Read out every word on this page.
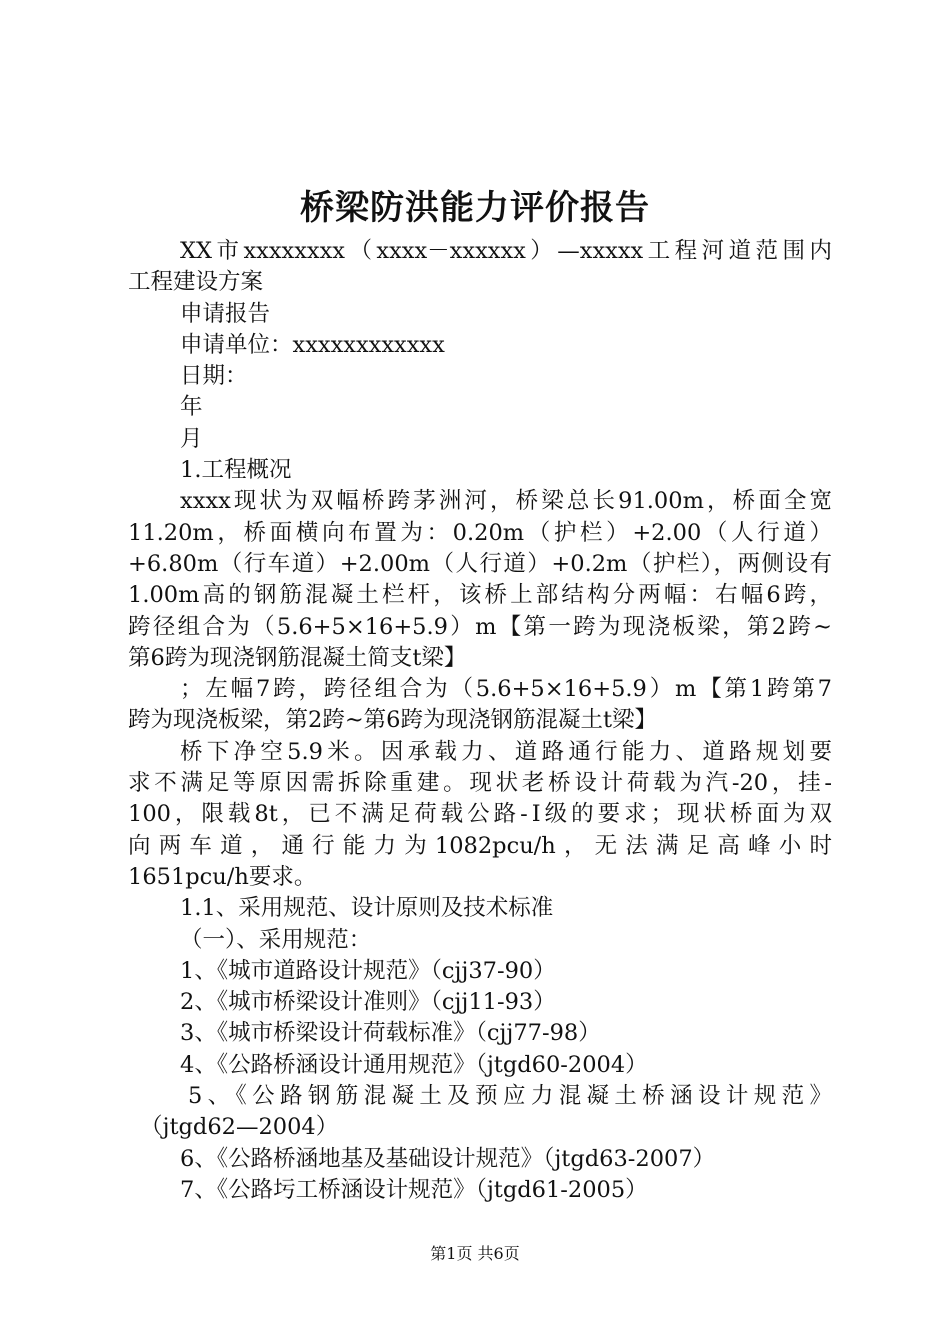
桥梁防洪能力评价报告
XX市xxxxxxxx（xxxx－xxxxxx）—xxxxx工程河道范围内
工程建设方案
申请报告
申请单位：xxxxxxxxxxxx
日期：
年
月
1.工程概况
xxxx现状为双幅桥跨茅洲河，桥梁总长91.00m，桥面全宽
11.20m，桥面横向布置为：0.20m（护栏）+2.00（人行道）
+6.80m（行车道）+2.00m（人行道）+0.2m（护栏），两侧设有
1.00m高的钢筋混凝土栏杆，该桥上部结构分两幅：右幅6跨，
跨径组合为（5.6+5×16+5.9）m【第一跨为现浇板梁，第2跨~
第6跨为现浇钢筋混凝土简支t梁】
；左幅7跨，跨径组合为（5.6+5×16+5.9）m【第1跨第7
跨为现浇板梁，第2跨~第6跨为现浇钢筋混凝土t梁】
桥下净空5.9米。因承载力、道路通行能力、道路规划要
求不满足等原因需拆除重建。现状老桥设计荷载为汽-20，挂-
100，限载8t，已不满足荷载公路-Ⅰ级的要求；现状桥面为双
向两车道，通行能力为1082pcu/h，无法满足高峰小时
1651pcu/h要求。
1.1、采用规范、设计原则及技术标准
（一）、采用规范：
1、《城市道路设计规范》（cjj37-90）
2、《城市桥梁设计准则》（cjj11-93）
3、《城市桥梁设计荷载标准》（cjj77-98）
4、《公路桥涵设计通用规范》（jtgd60-2004）
5、《公路钢筋混凝土及预应力混凝土桥涵设计规范》
（jtgd62—2004）
6、《公路桥涵地基及基础设计规范》（jtgd63-2007）
7、《公路圬工桥涵设计规范》（jtgd61-2005）
第1页 共6页
